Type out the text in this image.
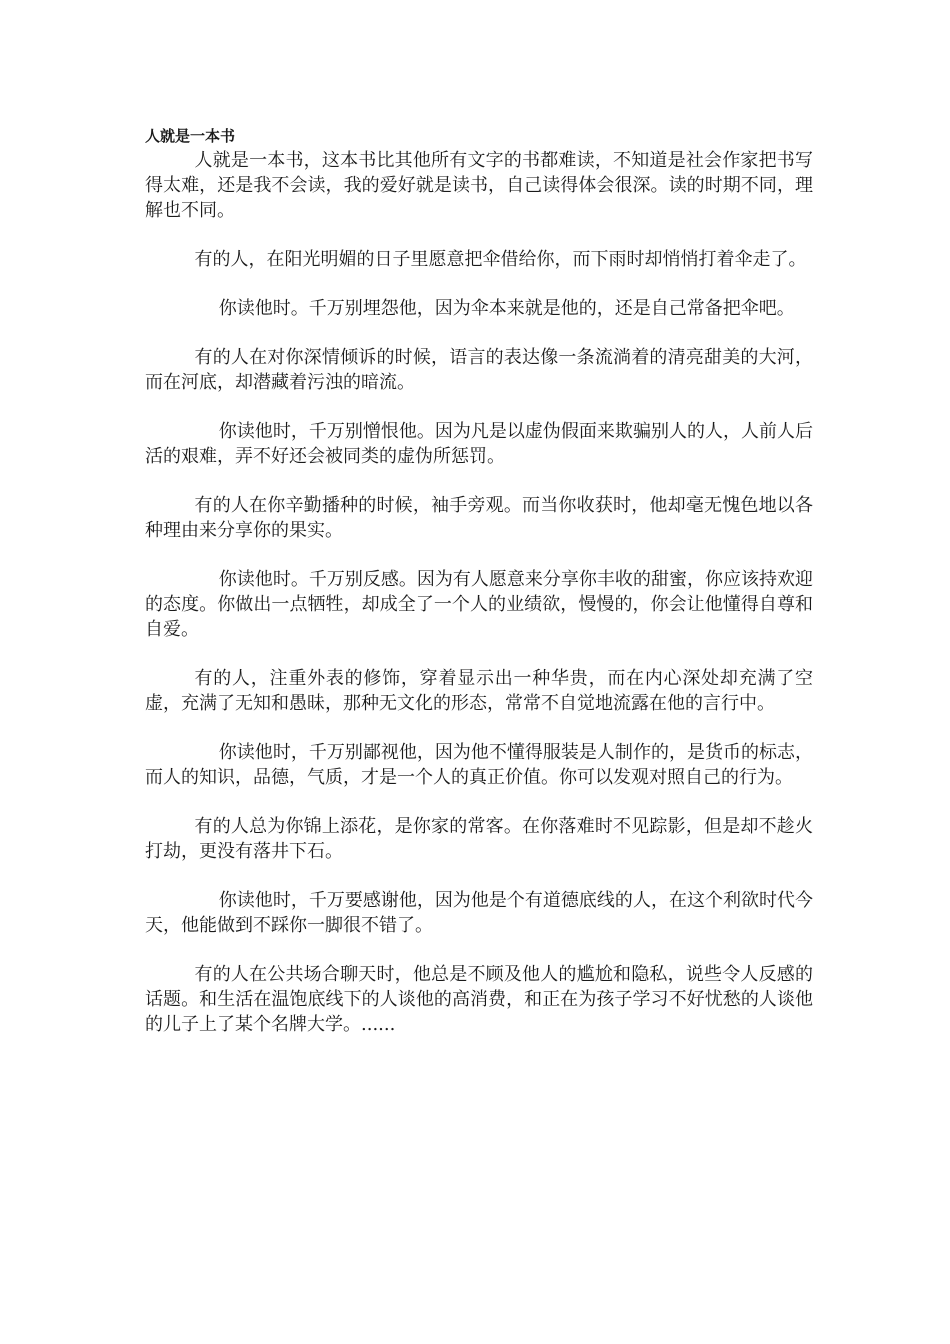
人就是一本书

人就是一本书，这本书比其他所有文字的书都难读，不知道是社会作家把书写得太难，还是我不会读，我的爱好就是读书，自己读得体会很深。读的时期不同，理解也不同。

有的人，在阳光明媚的日子里愿意把伞借给你，而下雨时却悄悄打着伞走了。

你读他时。千万别埋怨他，因为伞本来就是他的，还是自己常备把伞吧。

有的人在对你深情倾诉的时候，语言的表达像一条流淌着的清亮甜美的大河，而在河底，却潜藏着污浊的暗流。

你读他时，千万别憎恨他。因为凡是以虚伪假面来欺骗别人的人，人前人后活的艰难，弄不好还会被同类的虚伪所惩罚。

有的人在你辛勤播种的时候，袖手旁观。而当你收获时，他却毫无愧色地以各种理由来分享你的果实。

你读他时。千万别反感。因为有人愿意来分享你丰收的甜蜜，你应该持欢迎的态度。你做出一点牺牲，却成全了一个人的业绩欲，慢慢的，你会让他懂得自尊和自爱。

有的人，注重外表的修饰，穿着显示出一种华贵，而在内心深处却充满了空虚，充满了无知和愚昧，那种无文化的形态，常常不自觉地流露在他的言行中。

你读他时，千万别鄙视他，因为他不懂得服装是人制作的，是货币的标志，而人的知识，品德，气质，才是一个人的真正价值。你可以发观对照自己的行为。

有的人总为你锦上添花，是你家的常客。在你落难时不见踪影，但是却不趁火打劫，更没有落井下石。

你读他时，千万要感谢他，因为他是个有道德底线的人，在这个利欲时代今天，他能做到不踩你一脚很不错了。

有的人在公共场合聊天时，他总是不顾及他人的尴尬和隐私，说些令人反感的话题。和生活在温饱底线下的人谈他的高消费，和正在为孩子学习不好忧愁的人谈他的儿子上了某个名牌大学。......
